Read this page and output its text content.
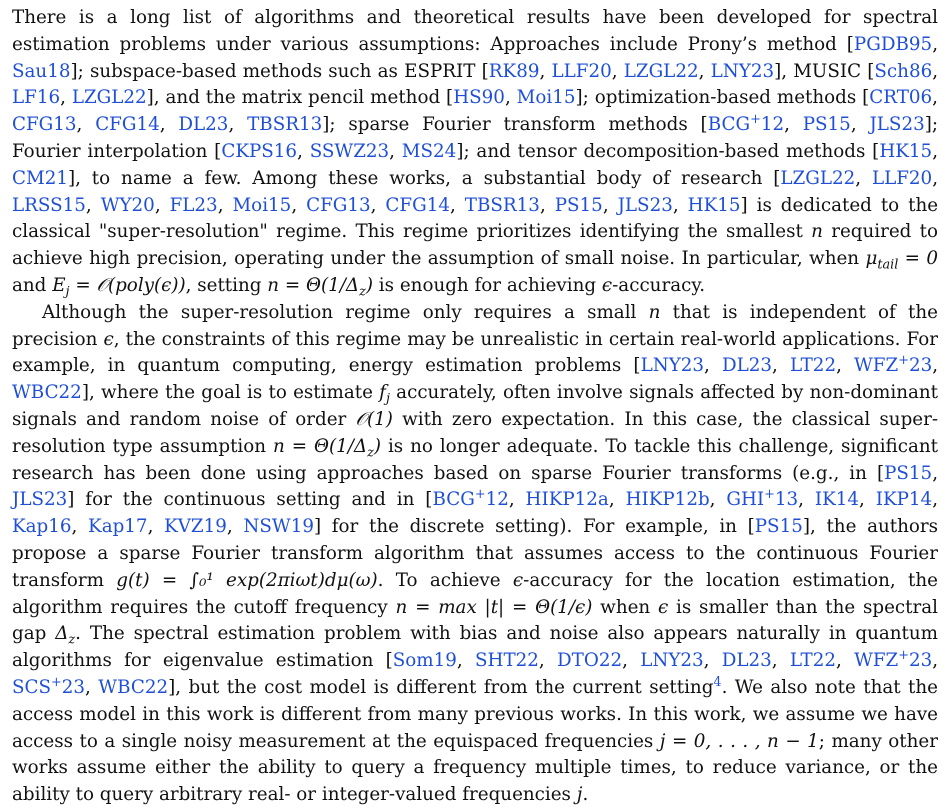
There is a long list of algorithms and theoretical results have been developed for spectral estimation problems under various assumptions: Approaches include Prony’s method [PGDB95, Sau18]; subspace-based methods such as ESPRIT [RK89, LLF20, LZGL22, LNY23], MUSIC [Sch86, LF16, LZGL22], and the matrix pencil method [HS90, Moi15]; optimization-based methods [CRT06, CFG13, CFG14, DL23, TBSR13]; sparse Fourier transform methods [BCG+12, PS15, JLS23]; Fourier interpolation [CKPS16, SSWZ23, MS24]; and tensor decomposition-based methods [HK15, CM21], to name a few. Among these works, a substantial body of research [LZGL22, LLF20, LRSS15, WY20, FL23, Moi15, CFG13, CFG14, TBSR13, PS15, JLS23, HK15] is dedicated to the classical "super-resolution" regime. This regime prioritizes identifying the smallest n required to achieve high precision, operating under the assumption of small noise. In particular, when $\mu_{tail} = 0$ and $E_j$ = 𝒪(poly(ϵ)), setting $n = \Theta(1/\Delta_z)$ is enough for achieving ϵ-accuracy.

Although the super-resolution regime only requires a small n that is independent of the precision ϵ, the constraints of this regime may be unrealistic in certain real-world applications. For example, in quantum computing, energy estimation problems [LNY23, DL23, LT22, WFZ+23, WBC22], where the goal is to estimate $f_j$ accurately, often involve signals affected by non-dominant signals and random noise of order 𝒪(1) with zero expectation. In this case, the classical super-resolution type assumption $n = \Theta(1/\Delta_z)$ is no longer adequate. To tackle this challenge, significant research has been done using approaches based on sparse Fourier transforms (e.g., in [PS15, JLS23] for the continuous setting and in [BCG+12, HIKP12a, HIKP12b, GHI+13, IK14, IKP14, Kap16, Kap17, KVZ19, NSW19] for the discrete setting). For example, in [PS15], the authors propose a sparse Fourier transform algorithm that assumes access to the continuous Fourier transform g(t) = ∫₀¹ exp(2πiωt)dμ(ω). To achieve ϵ-accuracy for the location estimation, the algorithm requires the cutoff frequency n = max |t| = Θ(1/ϵ) when ϵ is smaller than the spectral gap $\Delta_z$. The spectral estimation problem with bias and noise also appears naturally in quantum algorithms for eigenvalue estimation [Som19, SHT22, DTO22, LNY23, DL23, LT22, WFZ+23, SCS+23, WBC22], but the cost model is different from the current setting$^4$. We also note that the access model in this work is different from many previous works. In this work, we assume we have access to a single noisy measurement at the equispaced frequencies j = 0, . . . , n − 1; many other works assume either the ability to query a frequency multiple times, to reduce variance, or the ability to query arbitrary real- or integer-valued frequencies j.
